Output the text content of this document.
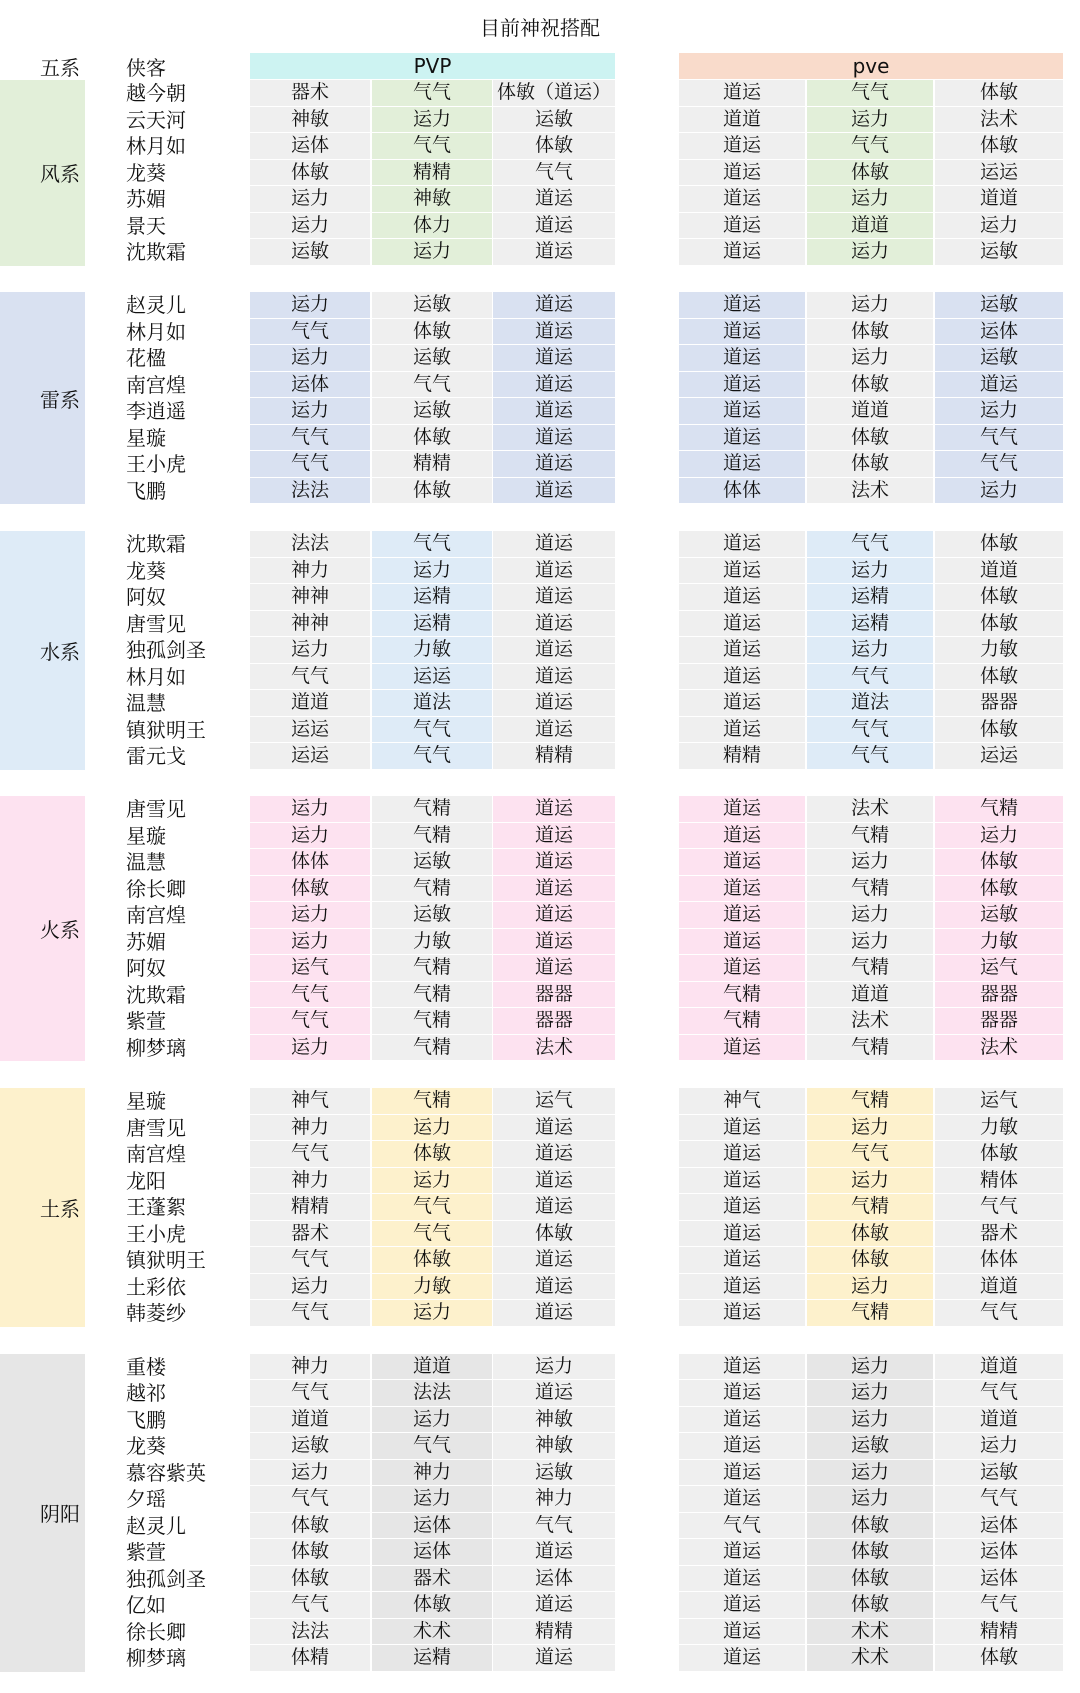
目前神祝搭配
五系 侠客	PVP	pve
风系
越今朝	器术	气气	体敏（道运）	道运	气气	体敏
云天河	神敏	运力	运敏	道道	运力	法术
林月如	运体	气气	体敏	道运	气气	体敏
龙葵	体敏	精精	气气	道运	体敏	运运
苏媚	运力	神敏	道运	道运	运力	道道
景天	运力	体力	道运	道运	道道	运力
沈欺霜	运敏	运力	道运	道运	运力	运敏
雷系
赵灵儿	运力	运敏	道运	道运	运力	运敏
林月如	气气	体敏	道运	道运	体敏	运体
花楹	运力	运敏	道运	道运	运力	运敏
南宫煌	运体	气气	道运	道运	体敏	道运
李逍遥	运力	运敏	道运	道运	道道	运力
星璇	气气	体敏	道运	道运	体敏	气气
王小虎	气气	精精	道运	道运	体敏	气气
飞鹏	法法	体敏	道运	体体	法术	运力
水系
沈欺霜	法法	气气	道运	道运	气气	体敏
龙葵	神力	运力	道运	道运	运力	道道
阿奴	神神	运精	道运	道运	运精	体敏
唐雪见	神神	运精	道运	道运	运精	体敏
独孤剑圣	运力	力敏	道运	道运	运力	力敏
林月如	气气	运运	道运	道运	气气	体敏
温慧	道道	道法	道运	道运	道法	器器
镇狱明王	运运	气气	道运	道运	气气	体敏
雷元戈	运运	气气	精精	精精	气气	运运
火系
唐雪见	运力	气精	道运	道运	法术	气精
星璇	运力	气精	道运	道运	气精	运力
温慧	体体	运敏	道运	道运	运力	体敏
徐长卿	体敏	气精	道运	道运	气精	体敏
南宫煌	运力	运敏	道运	道运	运力	运敏
苏媚	运力	力敏	道运	道运	运力	力敏
阿奴	运气	气精	道运	道运	气精	运气
沈欺霜	气气	气精	器器	气精	道道	器器
紫萱	气气	气精	器器	气精	法术	器器
柳梦璃	运力	气精	法术	道运	气精	法术
土系
星璇	神气	气精	运气	神气	气精	运气
唐雪见	神力	运力	道运	道运	运力	力敏
南宫煌	气气	体敏	道运	道运	气气	体敏
龙阳	神力	运力	道运	道运	运力	精体
王蓬絮	精精	气气	道运	道运	气精	气气
王小虎	器术	气气	体敏	道运	体敏	器术
镇狱明王	气气	体敏	道运	道运	体敏	体体
土彩依	运力	力敏	道运	道运	运力	道道
韩菱纱	气气	运力	道运	道运	气精	气气
阴阳
重楼	神力	道道	运力	道运	运力	道道
越祁	气气	法法	道运	道运	运力	气气
飞鹏	道道	运力	神敏	道运	运力	道道
龙葵	运敏	气气	神敏	道运	运敏	运力
慕容紫英	运力	神力	运敏	道运	运力	运敏
夕瑶	气气	运力	神力	道运	运力	气气
赵灵儿	体敏	运体	气气	气气	体敏	运体
紫萱	体敏	运体	道运	道运	体敏	运体
独孤剑圣	体敏	器术	运体	道运	体敏	运体
亿如	气气	体敏	道运	道运	体敏	气气
徐长卿	法法	术术	精精	道运	术术	精精
柳梦璃	体精	运精	道运	道运	术术	体敏
